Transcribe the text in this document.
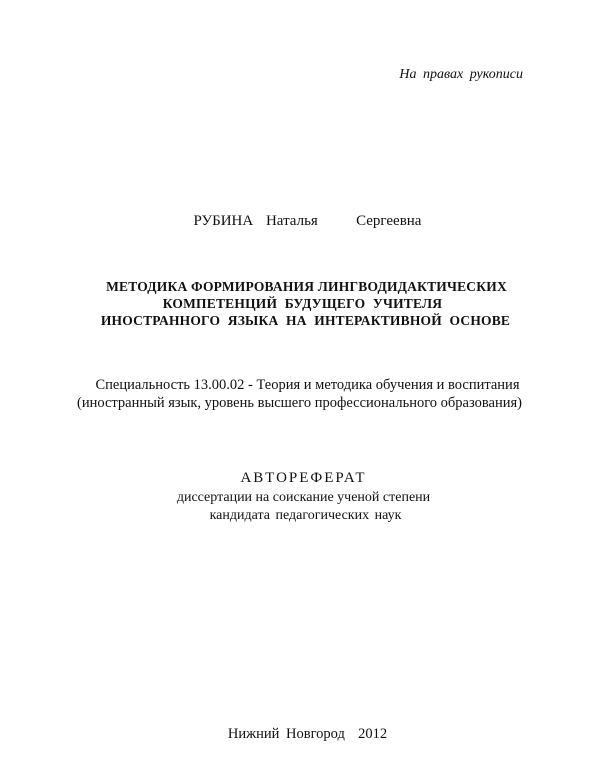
На правах рукописи
РУБИНА Наталья   Сергеевна
МЕТОДИКА ФОРМИРОВАНИЯ ЛИНГВОДИДАКТИЧЕСКИХ
КОМПЕТЕНЦИЙ БУДУЩЕГО УЧИТЕЛЯ
ИНОСТРАННОГО ЯЗЫКА НА ИНТЕРАКТИВНОЙ ОСНОВЕ
Специальность 13.00.02 - Теория и методика обучения и воспитания
(иностранный язык, уровень высшего профессионального образования)
АВТОРЕФЕРАТ
диссертации на соискание ученой степени
кандидата педагогических наук
Нижний Новгород  2012
